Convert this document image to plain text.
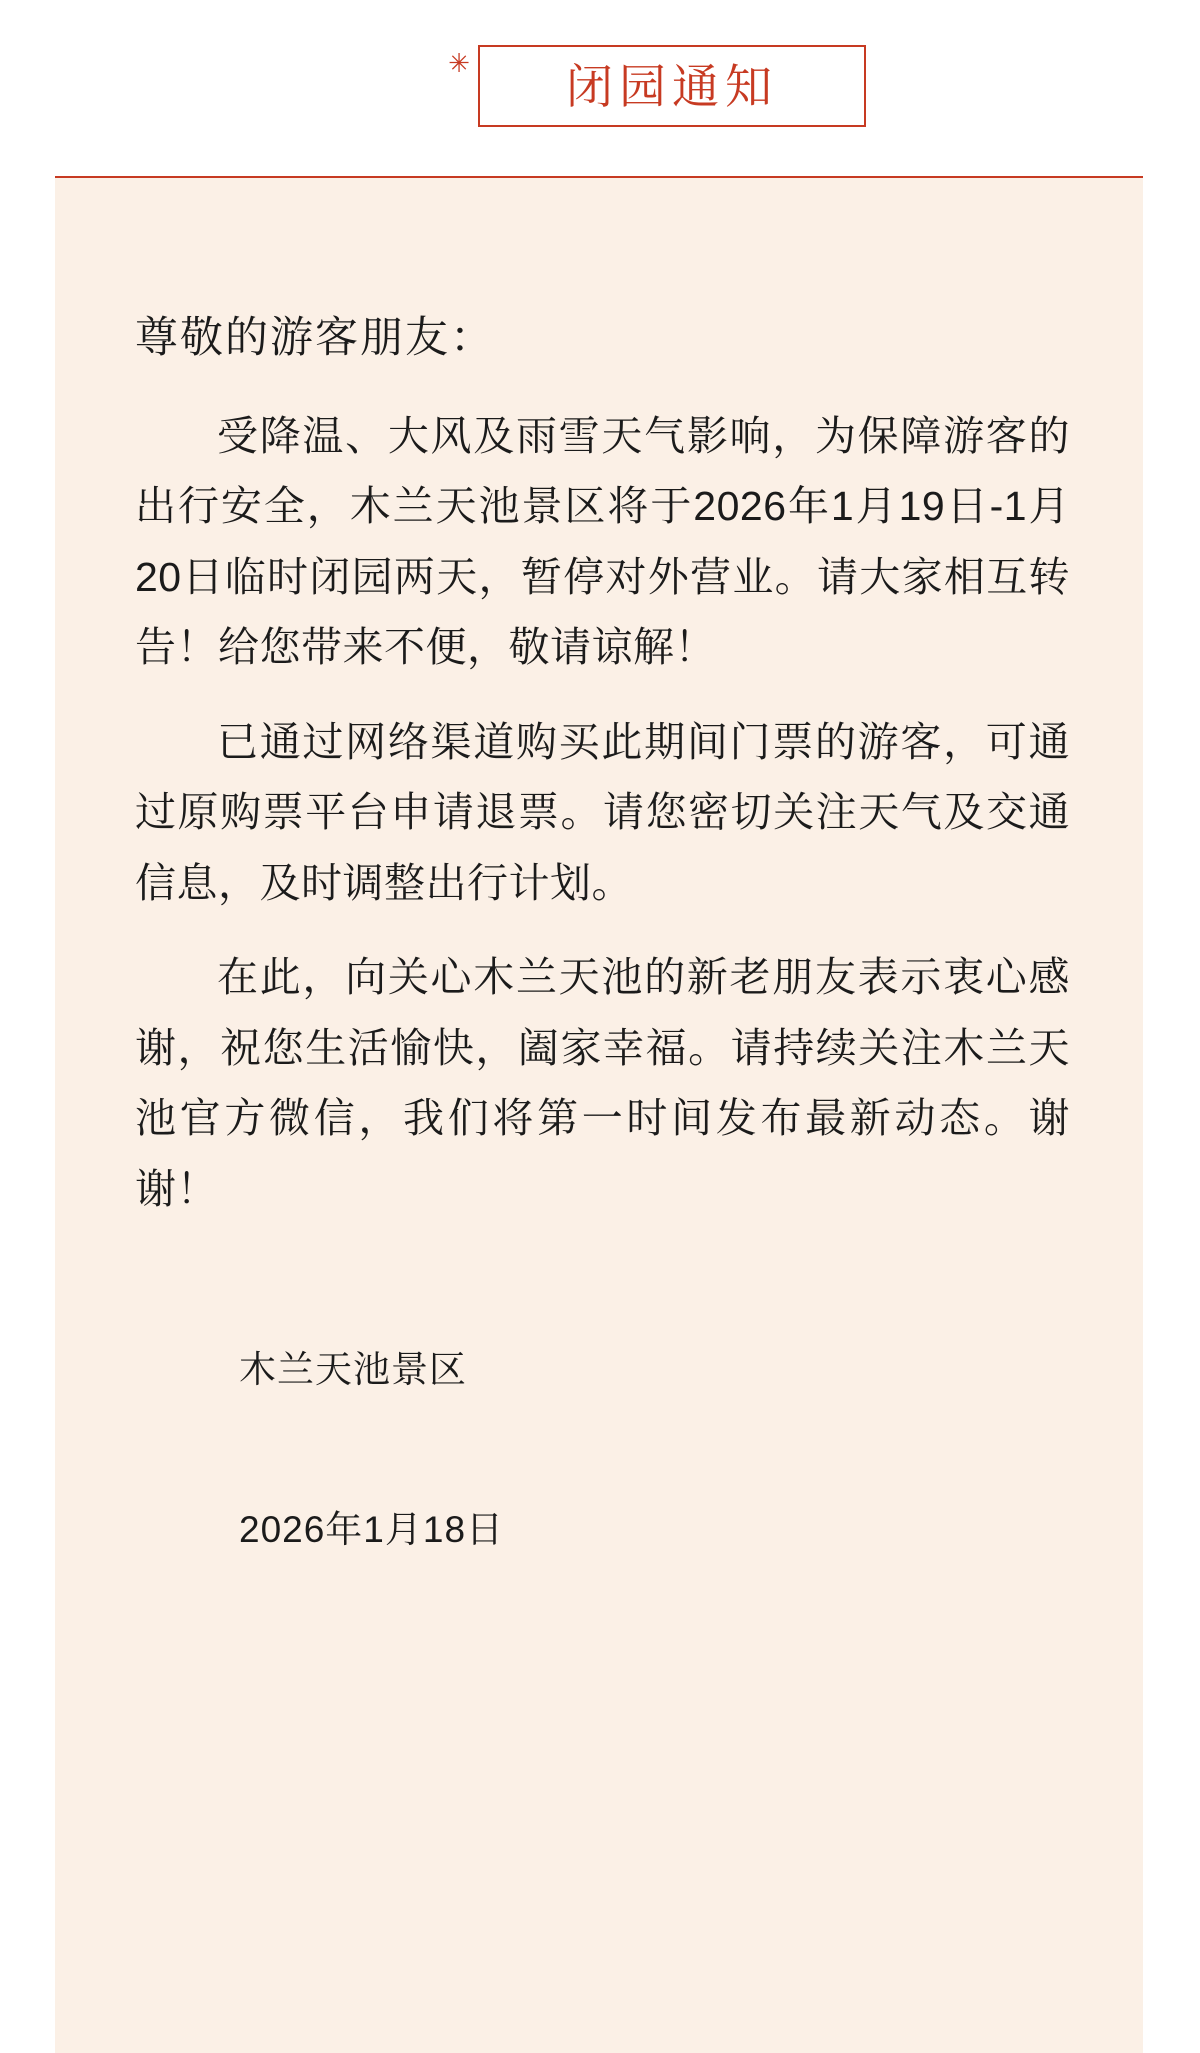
✳ 闭园通知
尊敬的游客朋友：

受降温、大风及雨雪天气影响，为保障游客的出行安全，木兰天池景区将于2026年1月19日-1月20日临时闭园两天，暂停对外营业。请大家相互转告！给您带来不便，敬请谅解！

已通过网络渠道购买此期间门票的游客，可通过原购票平台申请退票。请您密切关注天气及交通信息，及时调整出行计划。

在此，向关心木兰天池的新老朋友表示衷心感谢，祝您生活愉快，阖家幸福。请持续关注木兰天池官方微信，我们将第一时间发布最新动态。谢谢！

木兰天池景区

2026年1月18日
